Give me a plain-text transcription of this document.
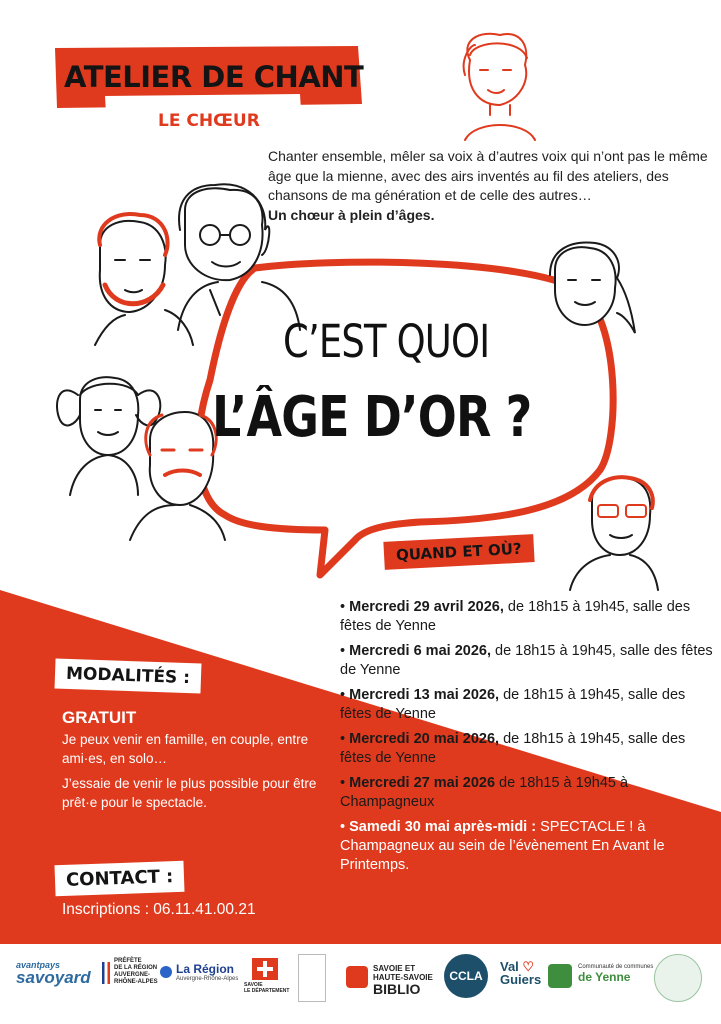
ATELIER DE CHANT
LE CHŒUR
Chanter ensemble, mêler sa voix à d’autres voix qui n’ont pas le même âge que la mienne, avec des airs inventés au fil des ateliers, des chansons de ma génération et de celle des autres…
Un chœur à plein d’âges.
C’EST QUOI
L’ÂGE D’OR ?
QUAND ET OÙ?
• Mercredi 29 avril 2026, de 18h15 à 19h45, salle des fêtes de Yenne
• Mercredi 6 mai 2026, de 18h15 à 19h45, salle des fêtes de Yenne
• Mercredi 13 mai 2026, de 18h15 à 19h45, salle des fêtes de Yenne
• Mercredi 20 mai 2026, de 18h15 à 19h45, salle des fêtes de Yenne
• Mercredi 27 mai 2026 de 18h15 à 19h45 à Champagneux
• Samedi 30 mai après-midi : SPECTACLE ! à Champagneux au sein de l’évènement En Avant le Printemps.
MODALITÉS :
GRATUIT

Je peux venir en famille, en couple, entre ami·es, en solo…

J’essaie de venir le plus possible pour être prêt·e pour le spectacle.

CONTACT :
Inscriptions : 06.11.41.00.21
avantpays
savoyard
PRÉFÈTE
DE LA RÉGION
AUVERGNE-
RHÔNE-ALPES
La Région
Auvergne-Rhône-Alpes
SAVOIE
LE DÉPARTEMENT
SAVOIE ET
HAUTE-SAVOIE
BIBLIO
CCLA
Val ♡
Guiers
Communauté de communes
de Yenne
